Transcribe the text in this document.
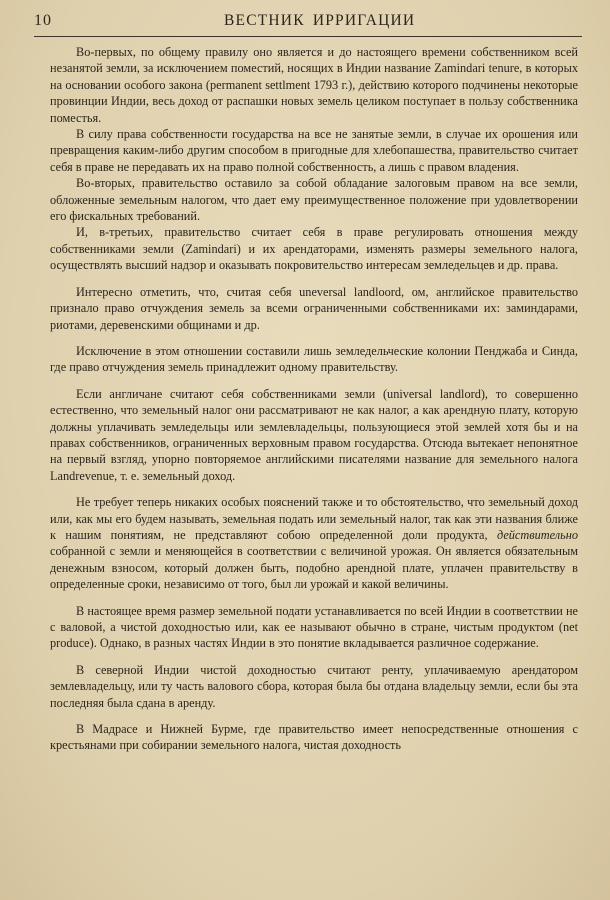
10	ВЕСТНИК ИРРИГАЦИИ

Во-первых, по общему правилу оно является и до настоящего времени собственником всей незанятой земли, за исключением поместий, носящих в Индии название Zamindari tenure, в которых на основании особого закона (permanent settlment 1793 г.), действию которого подчинены некоторые провинции Индии, весь доход от распашки новых земель целиком поступает в пользу собственника поместья.

В силу права собственности государства на все не занятые земли, в случае их орошения или превращения каким-либо другим способом в пригодные для хлебопашества, правительство считает себя в праве не передавать их на право полной собственность, а лишь с правом владения.

Во-вторых, правительство оставило за собой обладание залоговым правом на все земли, обложенные земельным налогом, что дает ему преимущественное положение при удовлетворении его фискальных требований.

И, в-третьих, правительство считает себя в праве регулировать отношения между собственниками земли (Zamindari) и их арендаторами, изменять размеры земельного налога, осуществлять высший надзор и оказывать покровительство интересам земледельцев и др. права.

Интересно отметить, что, считая себя uneversal landloord, ом, английское правительство признало право отчуждения земель за всеми ограниченными собственниками их: заминдарами, риотами, деревенскими общинами и др.

Исключение в этом отношении составили лишь земледельческие колонии Пенджаба и Синда, где право отчуждения земель принадлежит одному правительству.

Если англичане считают себя собственниками земли (universal landlord), то совершенно естественно, что земельный налог они рассматривают не как налог, а как арендную плату, которую должны уплачивать земледельцы или землевладельцы, пользующиеся этой землей хотя бы и на правах собственников, ограниченных верховным правом государства. Отсюда вытекает непонятное на первый взгляд, упорно повторяемое английскими писателями название для земельного налога Landrevenue, т. е. земельный доход.

Не требует теперь никаких особых пояснений также и то обстоятельство, что земельный доход или, как мы его будем называть, земельная подать или земельный налог, так как эти названия ближе к нашим понятиям, не представляют собою определенной доли продукта, действительно собранной с земли и меняющейся в соответствии с величиной урожая. Он является обязательным денежным взносом, который должен быть, подобно арендной плате, уплачен правительству в определенные сроки, независимо от того, был ли урожай и какой величины.

В настоящее время размер земельной подати устанавливается по всей Индии в соответствии не с валовой, а чистой доходностью или, как ее называют обычно в стране, чистым продуктом (net produce). Однако, в разных частях Индии в это понятие вкладывается различное содержание.

В северной Индии чистой доходностью считают ренту, уплачиваемую арендатором землевладельцу, или ту часть валового сбора, которая была бы отдана владельцу земли, если бы эта последняя была сдана в аренду.

В Мадрасе и Нижней Бурме, где правительство имеет непосредственные отношения с крестьянами при собирании земельного налога, чистая доходность
